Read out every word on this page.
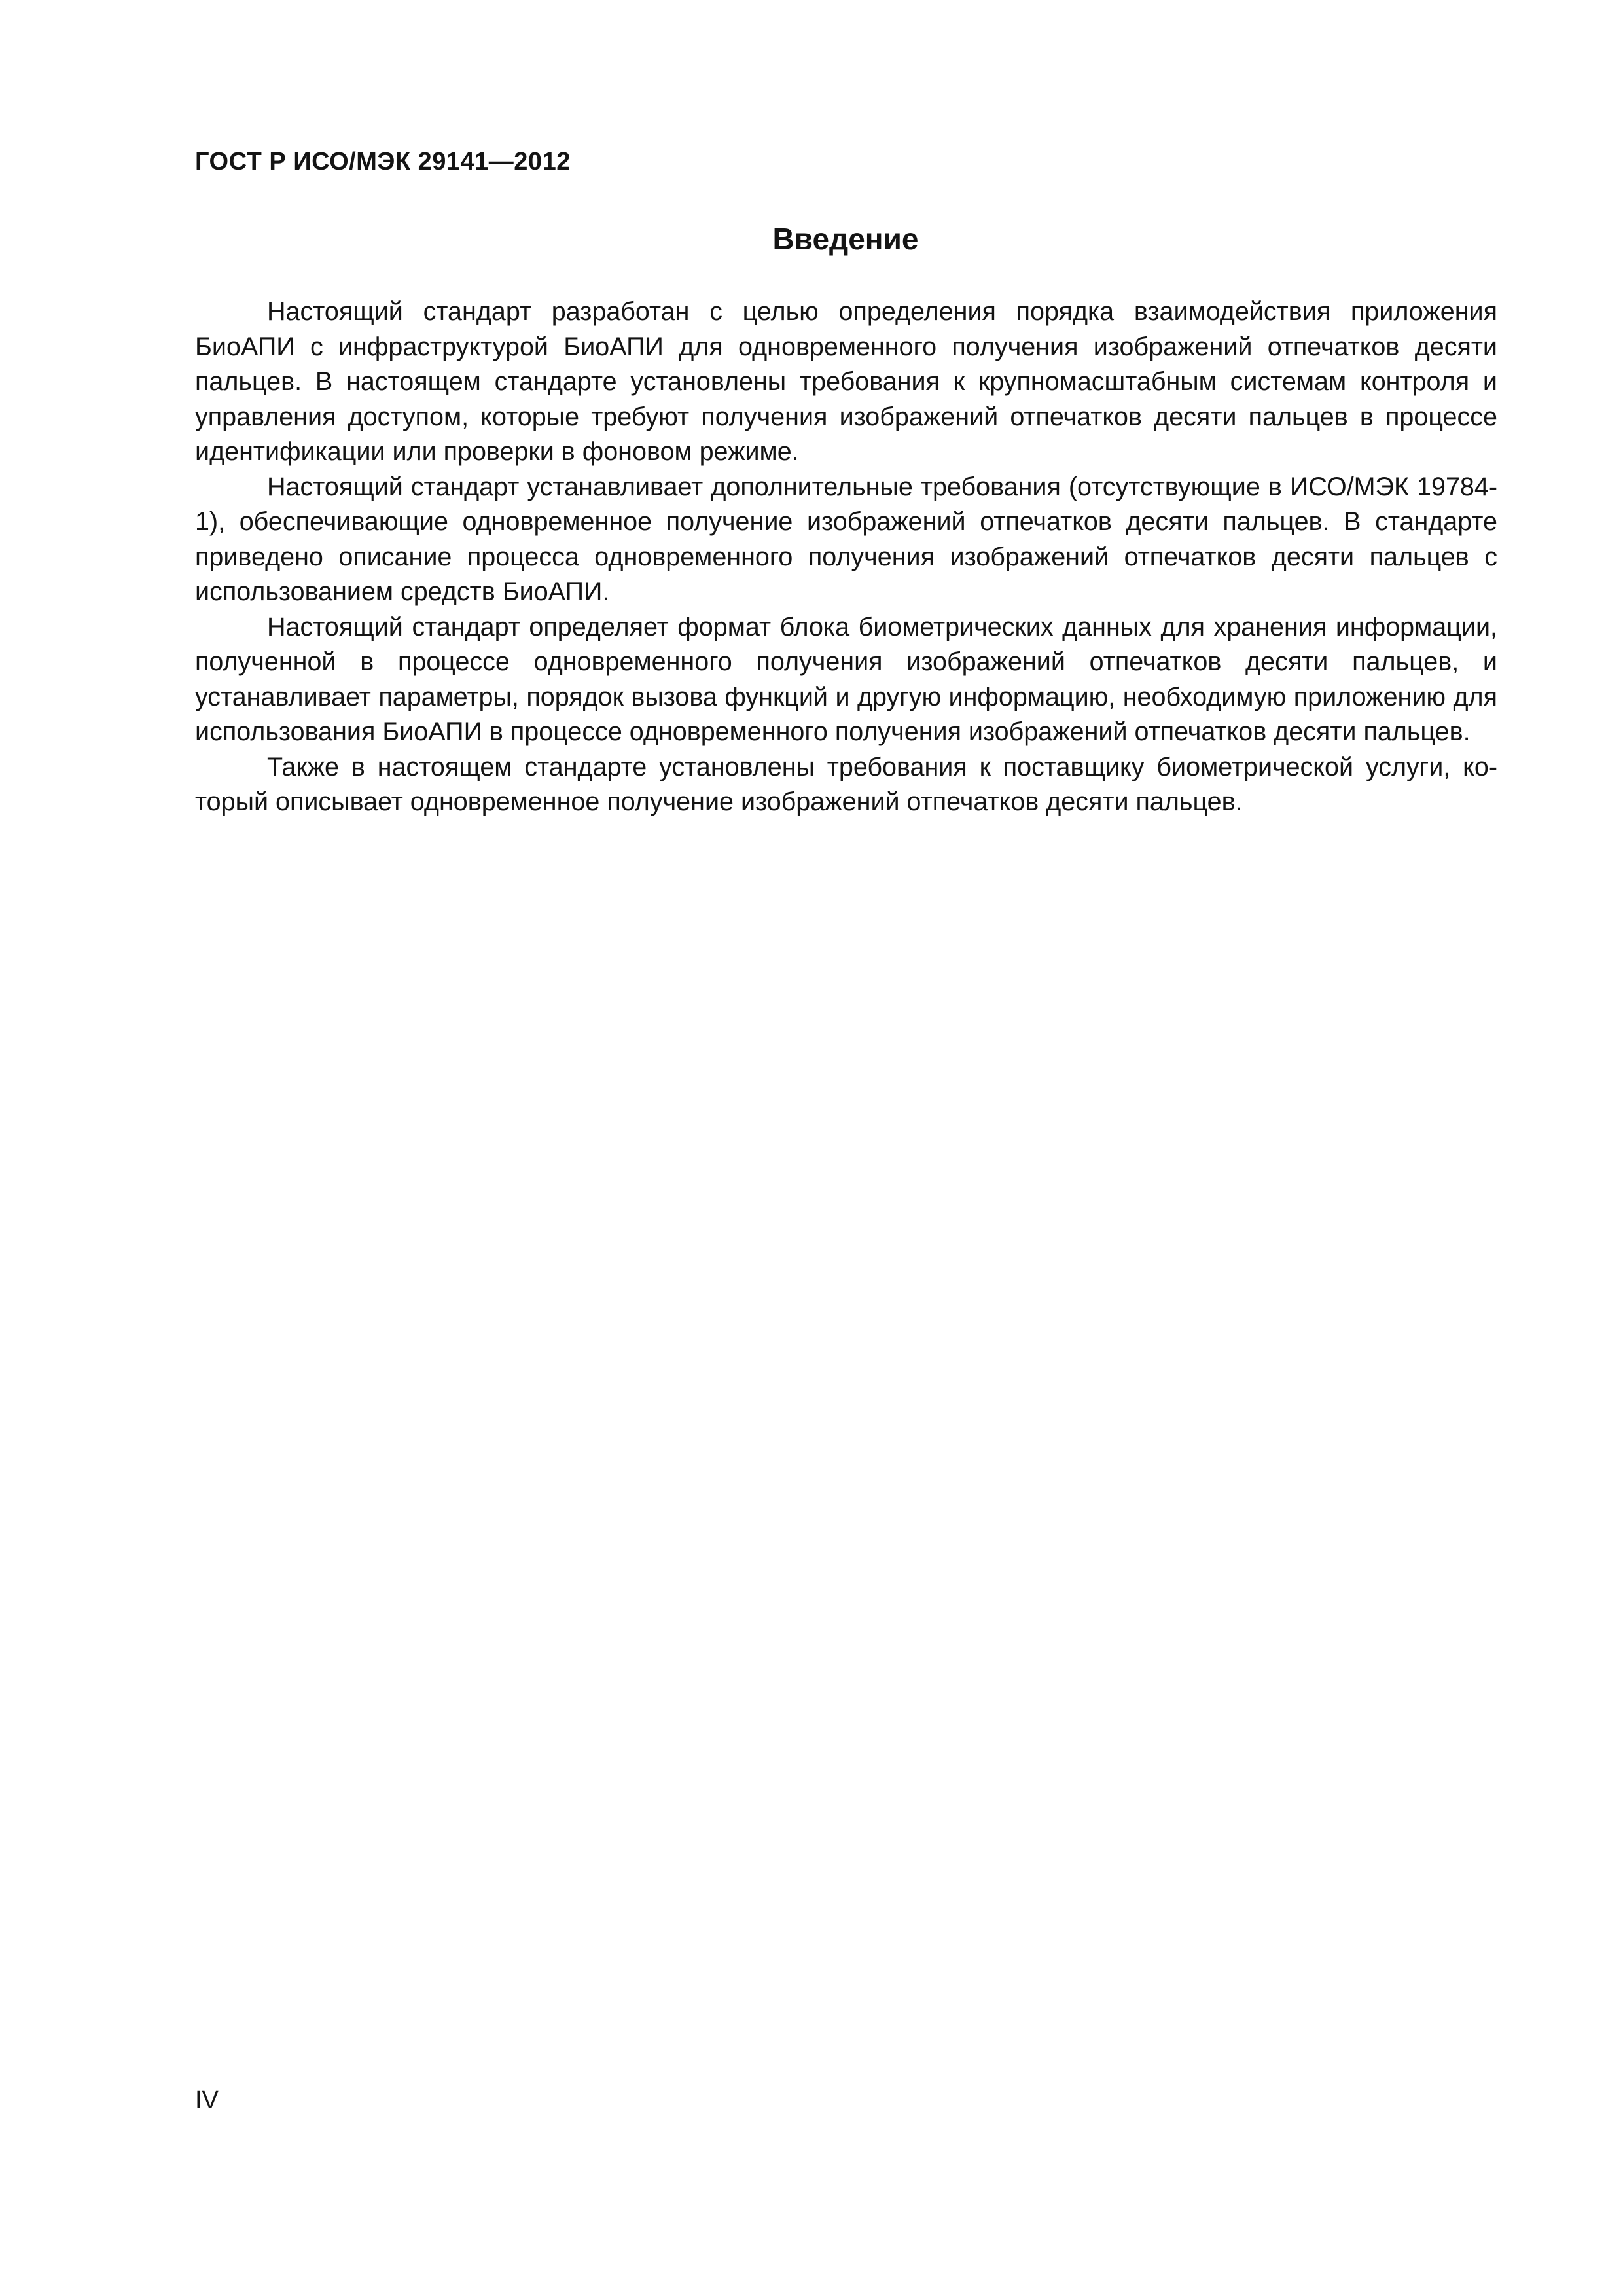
ГОСТ Р ИСО/МЭК 29141—2012

Введение

Настоящий стандарт разработан с целью определения порядка взаимодействия приложения БиоАПИ с инфраструктурой БиоАПИ для одновременного получения изображений отпечатков десяти пальцев. В настоящем стандарте установлены требования к крупномасштабным системам контроля и управления доступом, которые требуют получения изображений отпечатков десяти пальцев в процессе идентификации или проверки в фоновом режиме.

Настоящий стандарт устанавливает дополнительные требования (отсутствующие в ИСО/МЭК 19784-1), обеспечивающие одновременное получение изображений отпечатков десяти пальцев. В стандарте приведено описание процесса одновременного получения изображений отпечатков десяти пальцев с использованием средств БиоАПИ.

Настоящий стандарт определяет формат блока биометрических данных для хранения информации, полученной в процессе одновременного получения изображений отпечатков десяти пальцев, и устанавливает параметры, порядок вызова функций и другую информацию, необходимую приложению для использования БиоАПИ в процессе одновременного получения изображений отпечатков десяти пальцев.

Также в настоящем стандарте установлены требования к поставщику биометрической услуги, который описывает одновременное получение изображений отпечатков десяти пальцев.

IV
